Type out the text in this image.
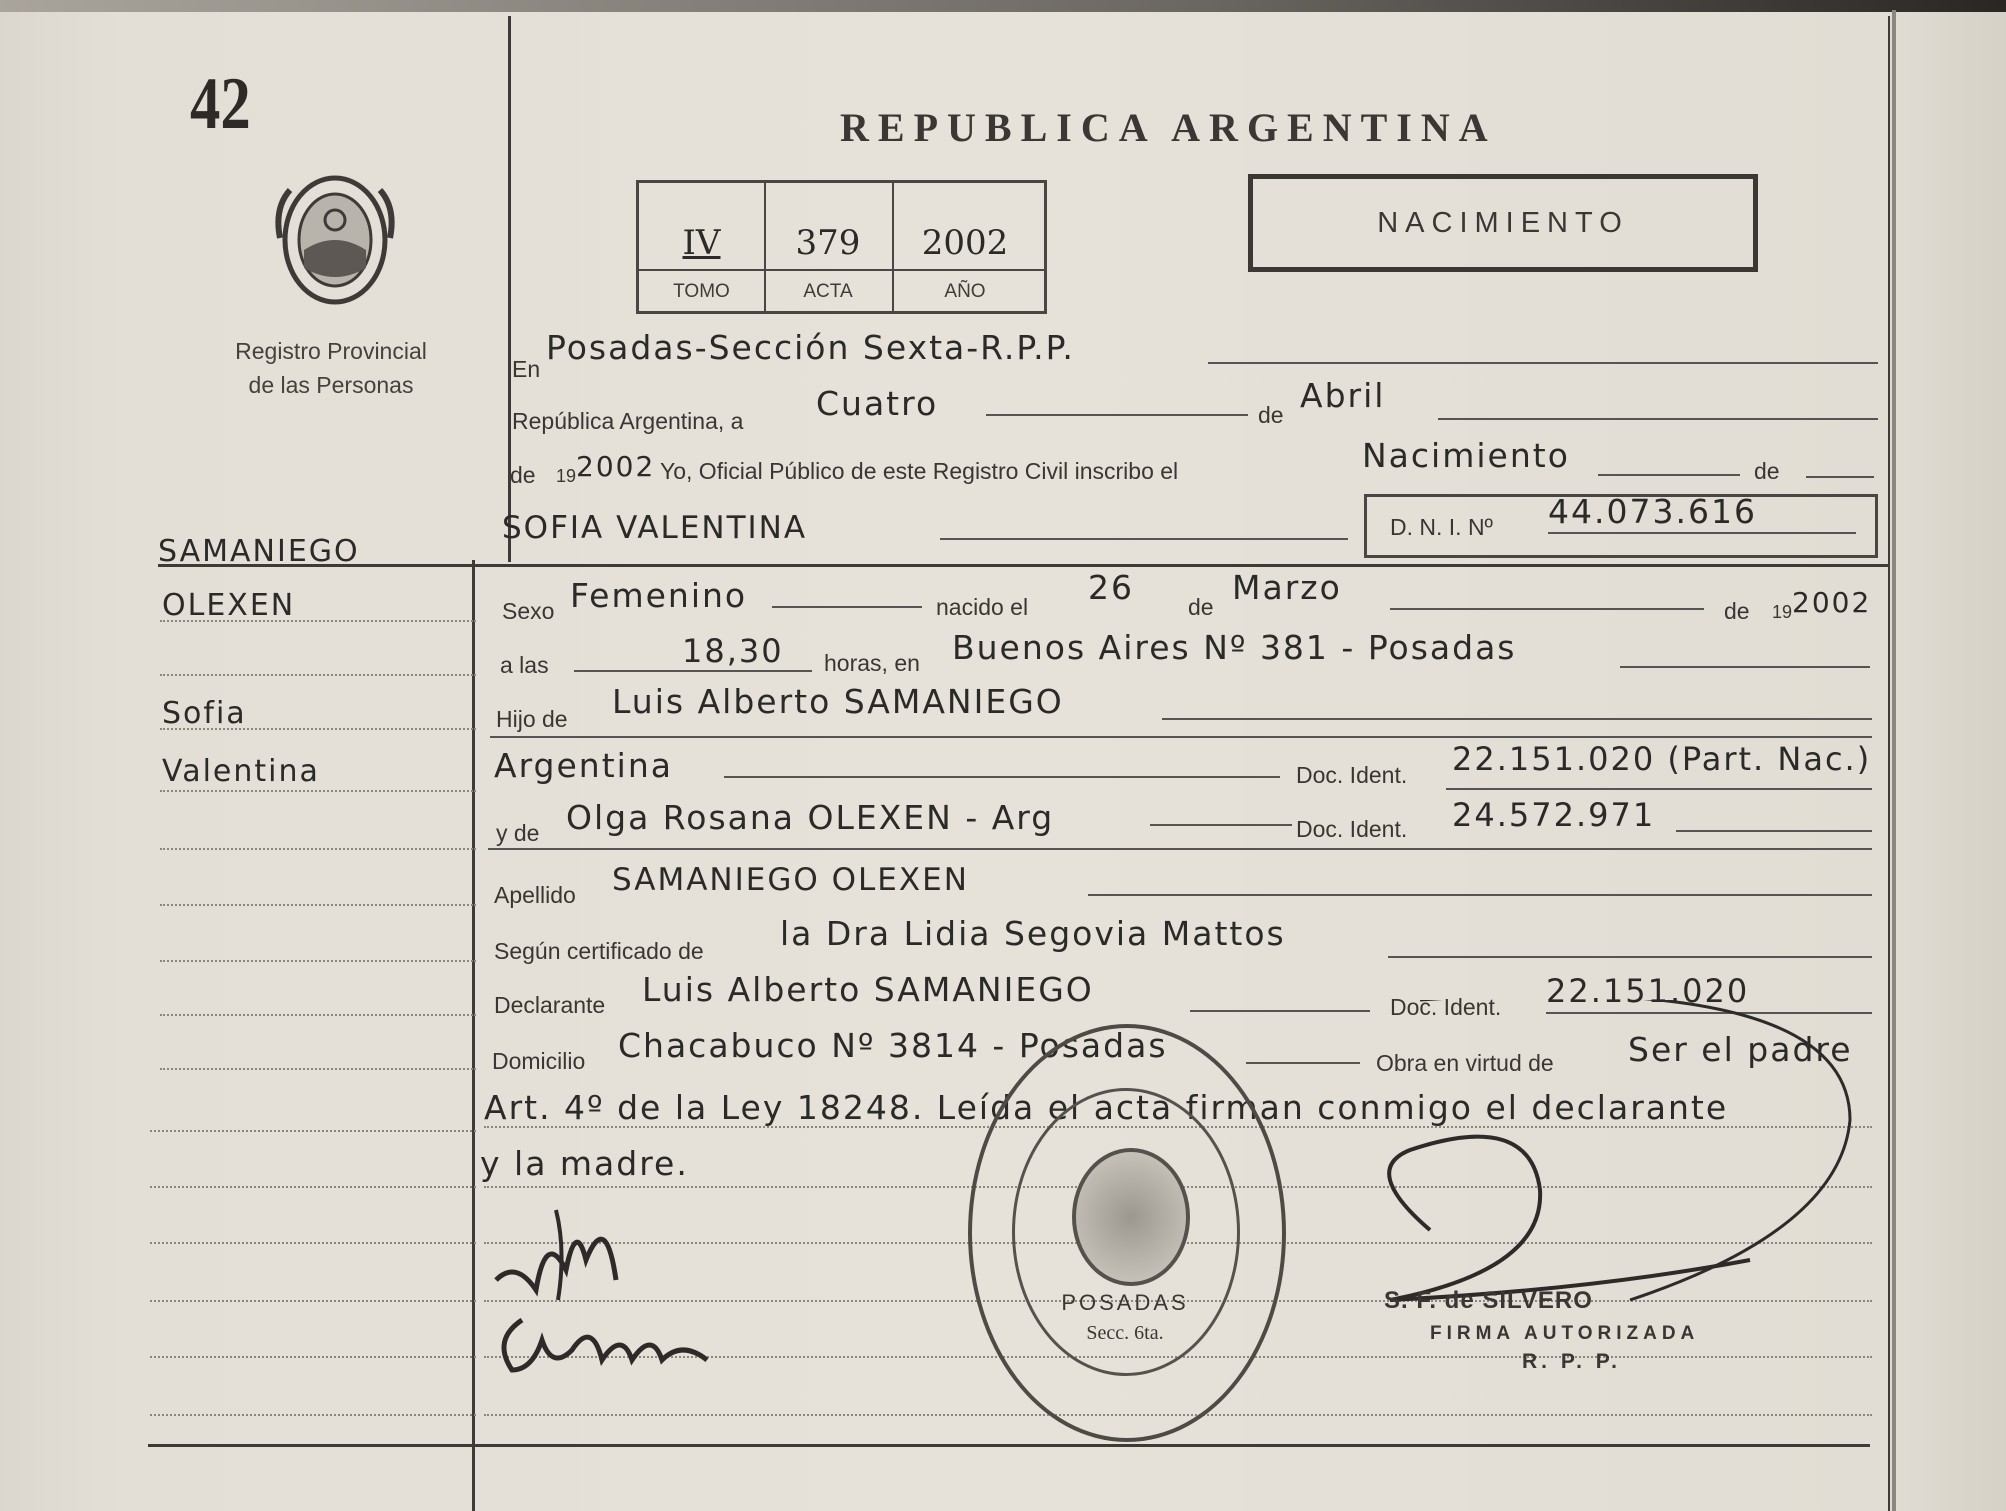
42
Registro Provincial
de las Personas
REPUBLICA ARGENTINA
IV
TOMO
379
ACTA
2002
AÑO
NACIMIENTO
SAMANIEGO
OLEXEN
Sofia
Valentina
En
Posadas-Sección Sexta-R.P.P.
República Argentina, a Cuatro	de Abril
de 19 2002 Yo, Oficial Público de este Registro Civil inscribo el	Nacimiento	de
SOFIA VALENTINA	D. N. I. Nº 44.073.616
Sexo Femenino	nacido el 26 de Marzo
de 19 2002
a las	18,30 horas, en Buenos Aires Nº 381 - Posadas
Hijo de Luis Alberto SAMANIEGO
Argentina	Doc. Ident. 22.151.020 (Part. Nac.)
y de Olga Rosana OLEXEN - Arg	Doc. Ident. 24.572.971
Apellido SAMANIEGO OLEXEN
Según certificado de la Dra Lidia Segovia Mattos
Declarante Luis Alberto SAMANIEGO	Doc. Ident. 22.151.020
Domicilio Chacabuco Nº 3814 - Posadas	Obra en virtud de Ser el padre
Art. 4º de la Ley 18248. Leída el acta firman conmigo el declarante
y la madre.
POSADAS
Secc. 6ta.
S. F. de SILVERO
FIRMA AUTORIZADA
R. P. P.
